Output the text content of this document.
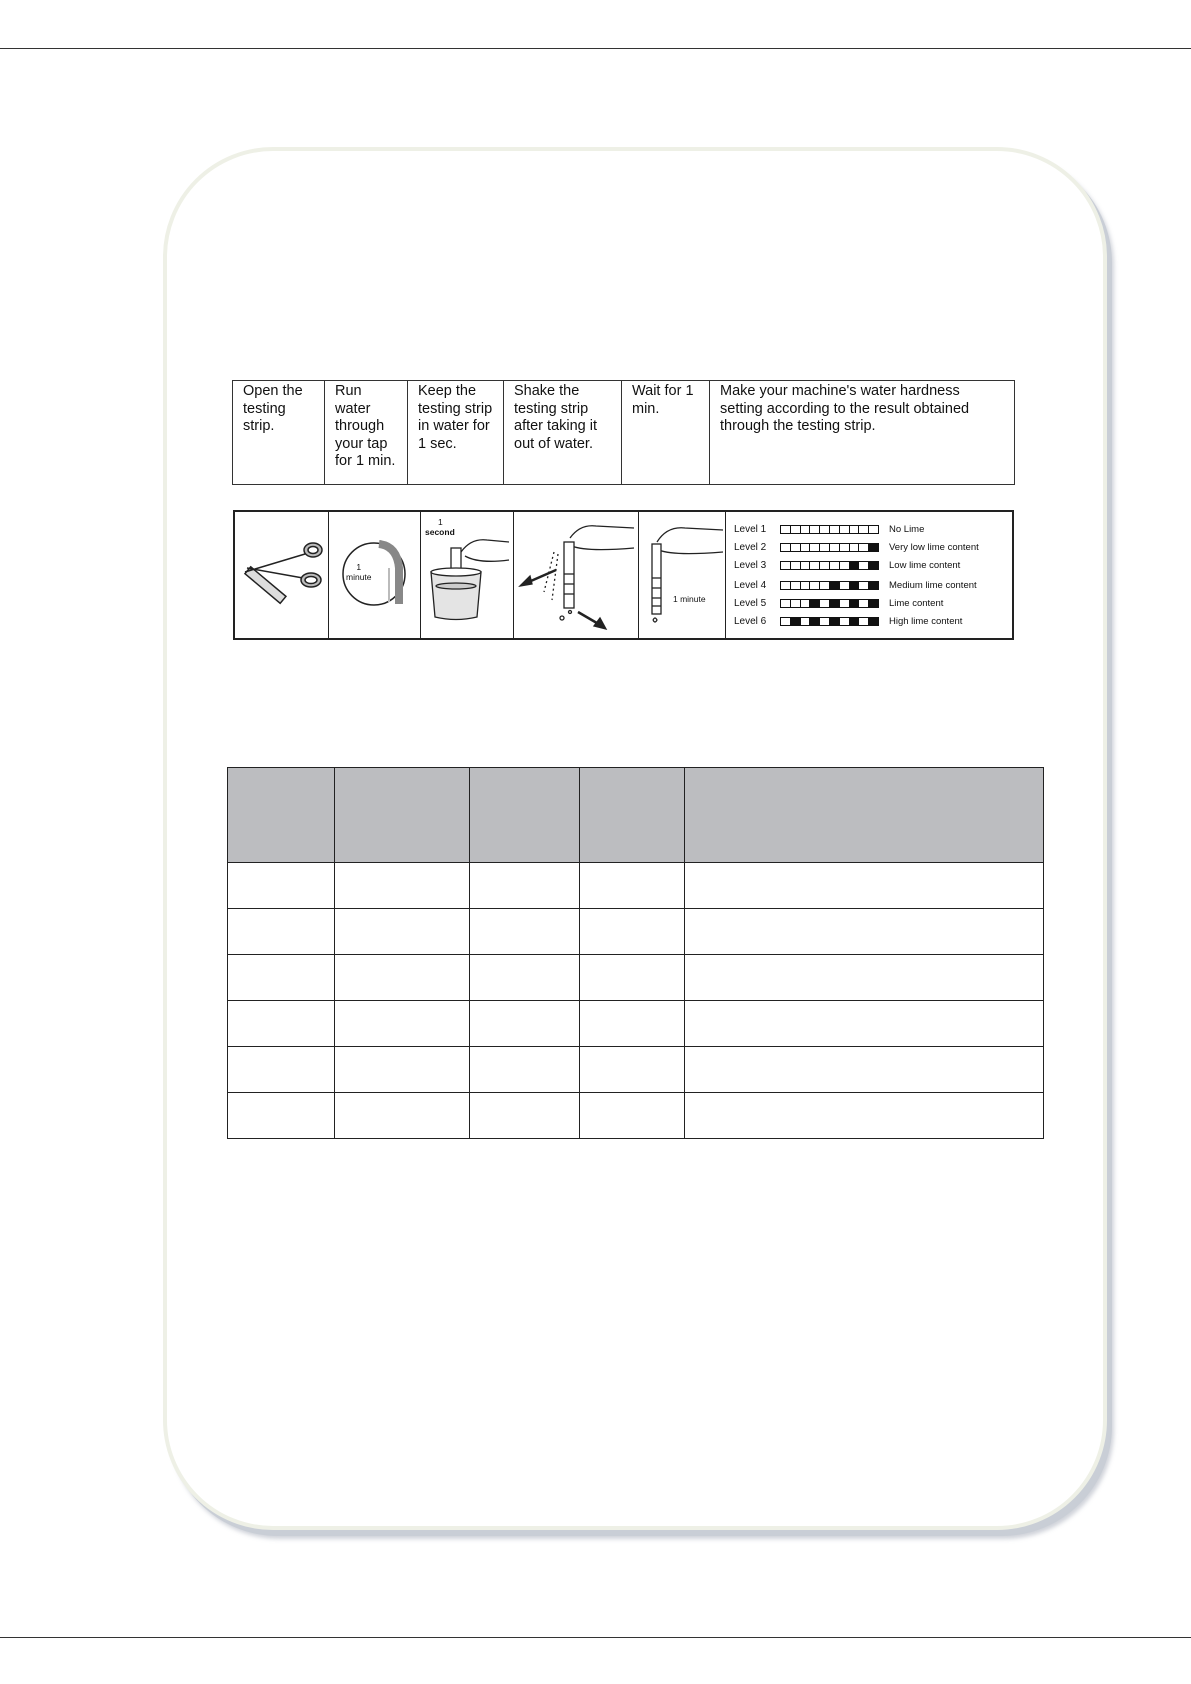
Open the testing strip.	Run water through your tap for 1 min.	Keep the testing strip in water for 1 sec.	Shake the testing strip after taking it out of water.	Wait for 1 min.	Make your machine's water hardness setting according to the result obtained through the testing strip.
1
minute
1
second
1 minute
Level 1	No Lime
Level 2	Very low lime content
Level 3	Low lime content
Level 4	Medium lime content
Level 5	Lime content
Level 6	High lime content
